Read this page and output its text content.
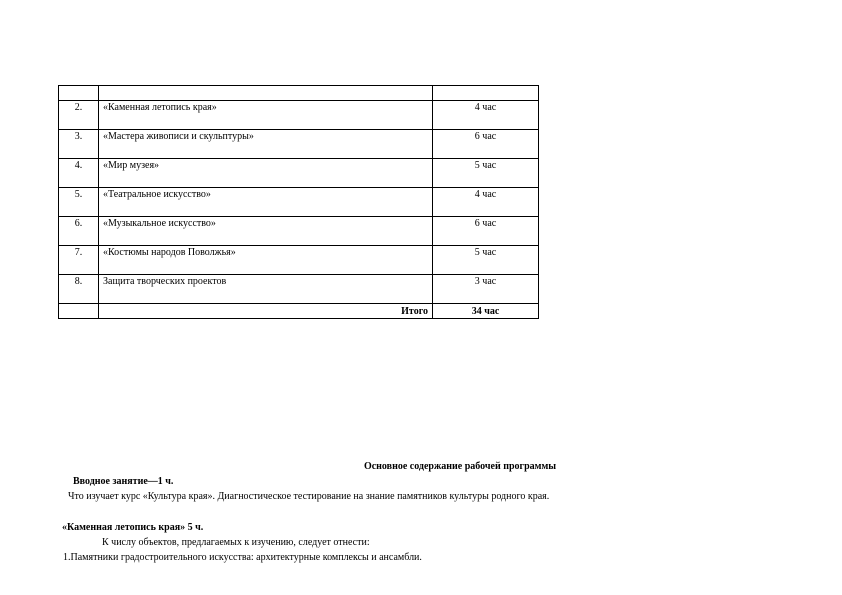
2.	«Каменная летопись края»	4 час
3.	«Мастера живописи и скульптуры»	6 час
4.	«Мир музея»	5 час
5.	«Театральное искусство»	4 час
6.	«Музыкальное искусство»	6 час
7.	«Костюмы народов Поволжья»	5 час
8.	Защита творческих проектов	3 час
	Итого	34 час
Основное содержание рабочей программы
Вводное занятие—1 ч.
Что изучает курс «Культура края». Диагностическое тестирование на знание памятников культуры родного края.
«Каменная летопись края» 5 ч.
К числу объектов, предлагаемых к изучению, следует отнести:
1.Памятники градостроительного искусства: архитектурные комплексы и ансамбли.
